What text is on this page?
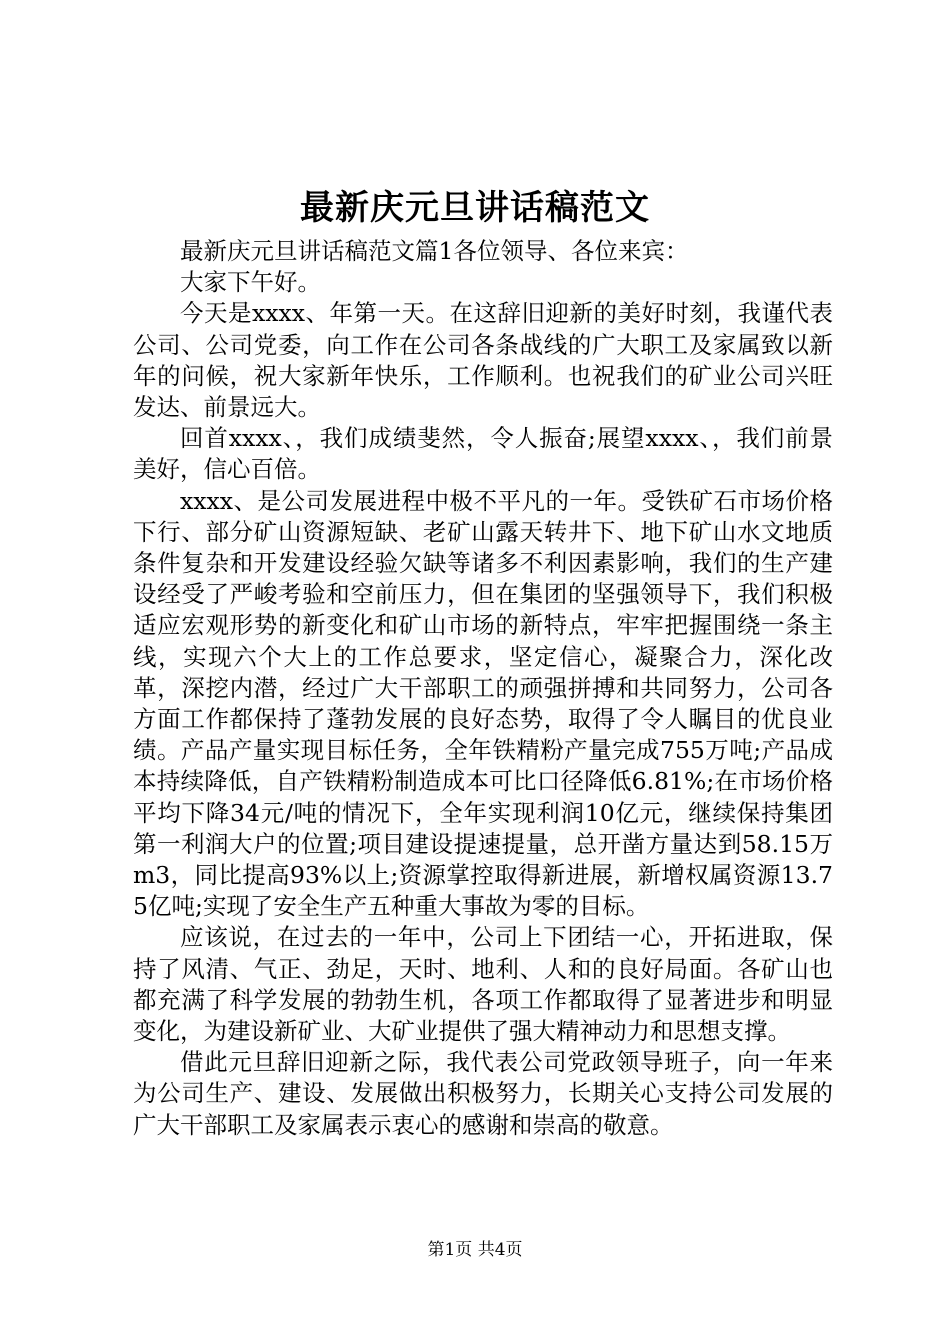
最新庆元旦讲话稿范文

最新庆元旦讲话稿范文篇1各位领导、各位来宾：

大家下午好。

今天是xxxx、年第一天。在这辞旧迎新的美好时刻，我谨代表公司、公司党委，向工作在公司各条战线的广大职工及家属致以新年的问候，祝大家新年快乐，工作顺利。也祝我们的矿业公司兴旺发达、前景远大。

回首xxxx、，我们成绩斐然，令人振奋;展望xxxx、，我们前景美好，信心百倍。

xxxx、是公司发展进程中极不平凡的一年。受铁矿石市场价格下行、部分矿山资源短缺、老矿山露天转井下、地下矿山水文地质条件复杂和开发建设经验欠缺等诸多不利因素影响，我们的生产建设经受了严峻考验和空前压力，但在集团的坚强领导下，我们积极适应宏观形势的新变化和矿山市场的新特点，牢牢把握围绕一条主线，实现六个大上的工作总要求，坚定信心，凝聚合力，深化改革，深挖内潜，经过广大干部职工的顽强拼搏和共同努力，公司各方面工作都保持了蓬勃发展的良好态势，取得了令人瞩目的优良业绩。产品产量实现目标任务，全年铁精粉产量完成755万吨;产品成本持续降低，自产铁精粉制造成本可比口径降低6.81%;在市场价格平均下降34元/吨的情况下，全年实现利润10亿元，继续保持集团第一利润大户的位置;项目建设提速提量，总开凿方量达到58.15万m3，同比提高93%以上;资源掌控取得新进展，新增权属资源13.75亿吨;实现了安全生产五种重大事故为零的目标。

应该说，在过去的一年中，公司上下团结一心，开拓进取，保持了风清、气正、劲足，天时、地利、人和的良好局面。各矿山也都充满了科学发展的勃勃生机，各项工作都取得了显著进步和明显变化，为建设新矿业、大矿业提供了强大精神动力和思想支撑。

借此元旦辞旧迎新之际，我代表公司党政领导班子，向一年来为公司生产、建设、发展做出积极努力，长期关心支持公司发展的广大干部职工及家属表示衷心的感谢和崇高的敬意。

第1页 共4页
